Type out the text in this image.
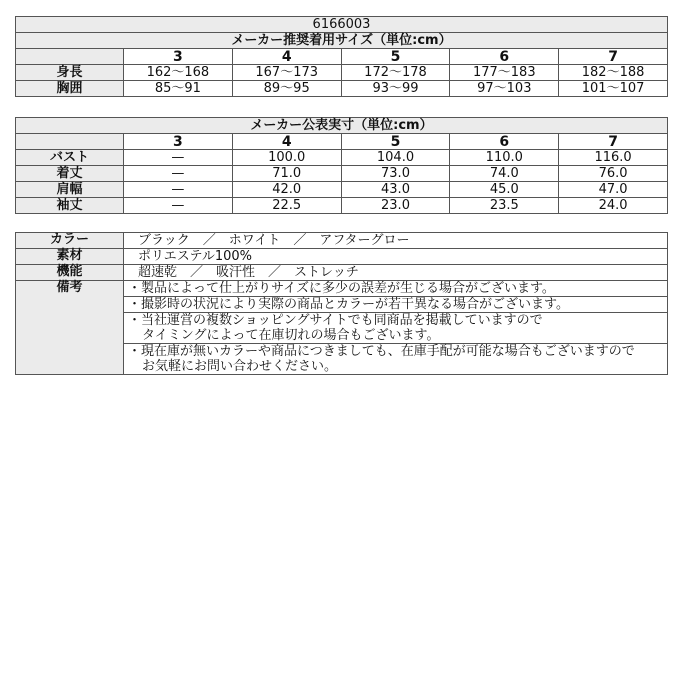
6166003					
メーカー推奨着用サイズ（単位:cm）					
	3	4	5	6	7
身長	162〜168	167〜173	172〜178	177〜183	182〜188
胸囲	85〜91	89〜95	93〜99	97〜103	101〜107
メーカー公表実寸（単位:cm）					
	3	4	5	6	7
バスト	—	100.0	104.0	110.0	116.0
着丈	—	71.0	73.0	74.0	76.0
肩幅	—	42.0	43.0	45.0	47.0
袖丈	—	22.5	23.0	23.5	24.0
カラー	ブラック　／　ホワイト　／　アフターグロー
素材	ポリエステル100%
機能	超速乾　／　吸汗性　／　ストレッチ
備考	・製品によって仕上がりサイズに多少の誤差が生じる場合がございます。

	・撮影時の状況により実際の商品とカラーが若干異なる場合がございます。

	・当社運営の複数ショッピングサイトでも同商品を掲載していますので
タイミングによって在庫切れの場合もございます。

	・現在庫が無いカラーや商品につきましても、在庫手配が可能な場合もございますので
お気軽にお問い合わせください。
